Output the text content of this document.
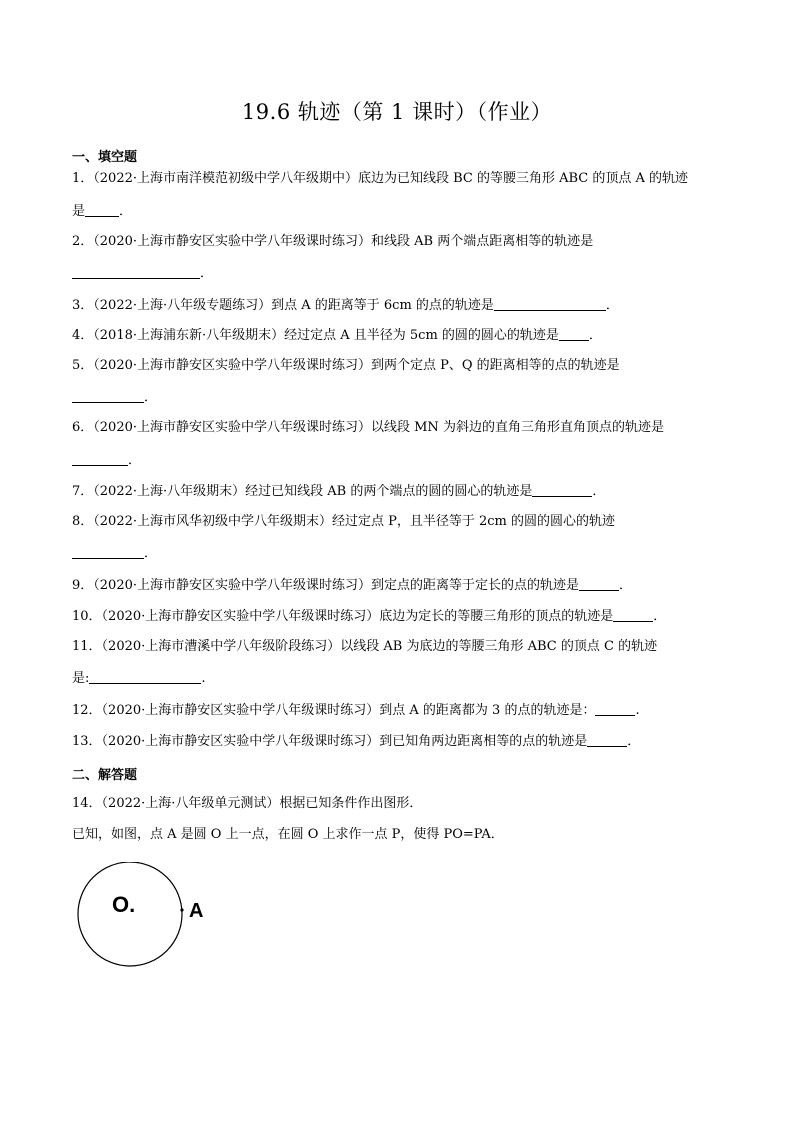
19.6 轨迹（第 1 课时）（作业）
一、填空题
1．（2022·上海市南洋模范初级中学八年级期中）底边为已知线段 BC 的等腰三角形 ABC 的顶点 A 的轨迹
是	．
2．（2020·上海市静安区实验中学八年级课时练习）和线段 AB 两个端点距离相等的轨迹是
．
3．（2022·上海·八年级专题练习）到点 A 的距离等于 6cm 的点的轨迹是	．
4．（2018·上海浦东新·八年级期末）经过定点 A 且半径为 5cm 的圆的圆心的轨迹是 ．
5．（2020·上海市静安区实验中学八年级课时练习）到两个定点 P、Q 的距离相等的点的轨迹是
．
6．（2020·上海市静安区实验中学八年级课时练习）以线段 MN 为斜边的直角三角形直角顶点的轨迹是
．
7．（2022·上海·八年级期末）经过已知线段 AB 的两个端点的圆的圆心的轨迹是	．
8．（2022·上海市风华初级中学八年级期末）经过定点 P，且半径等于 2cm 的圆的圆心的轨迹
．
9．（2020·上海市静安区实验中学八年级课时练习）到定点的距离等于定长的点的轨迹是	．
10．（2020·上海市静安区实验中学八年级课时练习）底边为定长的等腰三角形的顶点的轨迹是	．
11．（2020·上海市漕溪中学八年级阶段练习）以线段 AB 为底边的等腰三角形 ABC 的顶点 C 的轨迹
是:	.
12．（2020·上海市静安区实验中学八年级课时练习）到点 A 的距离都为 3 的点的轨迹是：	.
13．（2020·上海市静安区实验中学八年级课时练习）到已知角两边距离相等的点的轨迹是	．
二、解答题
14．（2022·上海·八年级单元测试）根据已知条件作出图形．
已知，如图，点 A 是圆 O 上一点，在圆 O 上求作一点 P，使得 PO=PA．
O.	A
